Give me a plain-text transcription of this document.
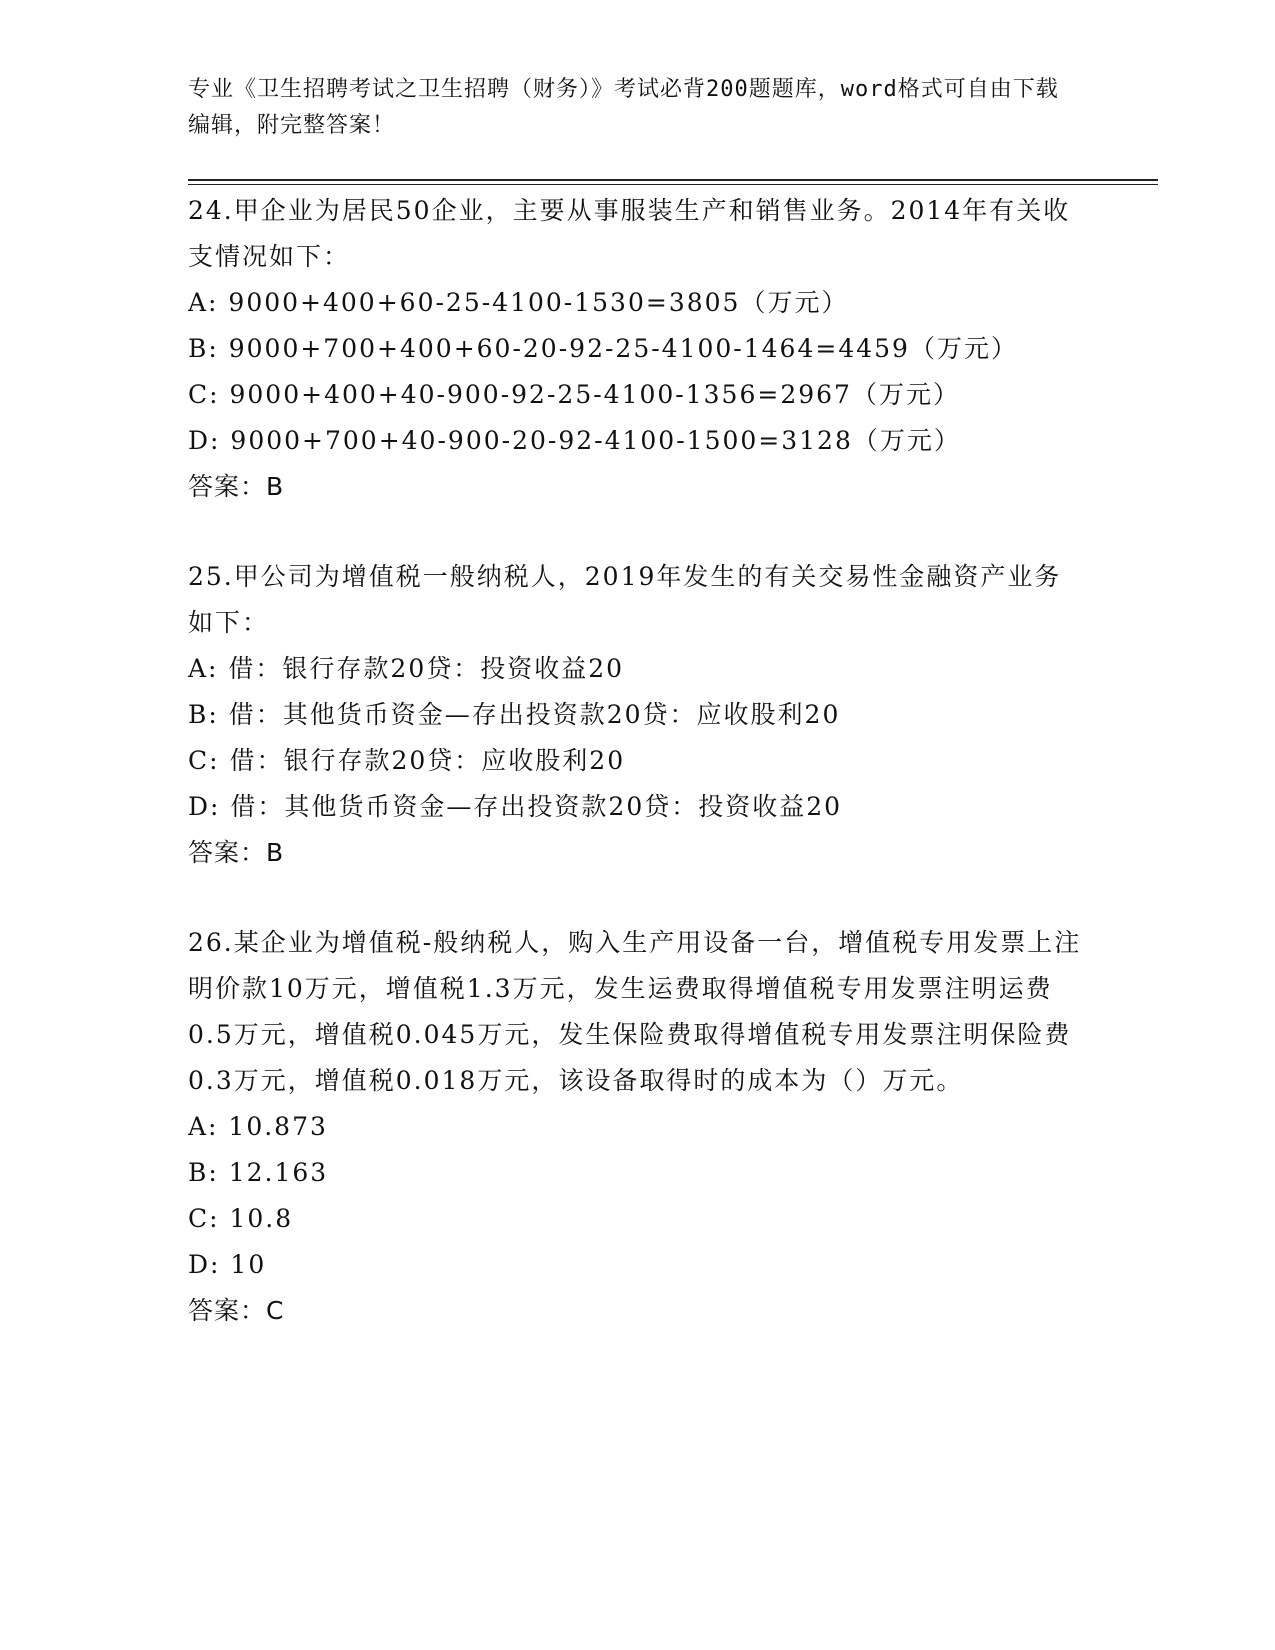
专业《卫生招聘考试之卫生招聘（财务）》考试必背200题题库，word格式可自由下载编辑，附完整答案！

24.甲企业为居民50企业，主要从事服装生产和销售业务。2014年有关收支情况如下：

A: 9000+400+60-25-4100-1530=3805（万元）

B: 9000+700+400+60-20-92-25-4100-1464=4459（万元）

C: 9000+400+40-900-92-25-4100-1356=2967（万元）

D: 9000+700+40-900-20-92-4100-1500=3128（万元）

答案：B

25.甲公司为增值税一般纳税人，2019年发生的有关交易性金融资产业务如下：

A: 借：银行存款20贷：投资收益20

B: 借：其他货币资金—存出投资款20贷：应收股利20

C: 借：银行存款20贷：应收股利20

D: 借：其他货币资金—存出投资款20贷：投资收益20

答案：B

26.某企业为增值税-般纳税人，购入生产用设备一台，增值税专用发票上注明价款10万元，增值税1.3万元，发生运费取得增值税专用发票注明运费0.5万元，增值税0.045万元，发生保险费取得增值税专用发票注明保险费0.3万元，增值税0.018万元，该设备取得时的成本为（）万元。

A: 10.873

B: 12.163

C: 10.8

D: 10

答案：C
